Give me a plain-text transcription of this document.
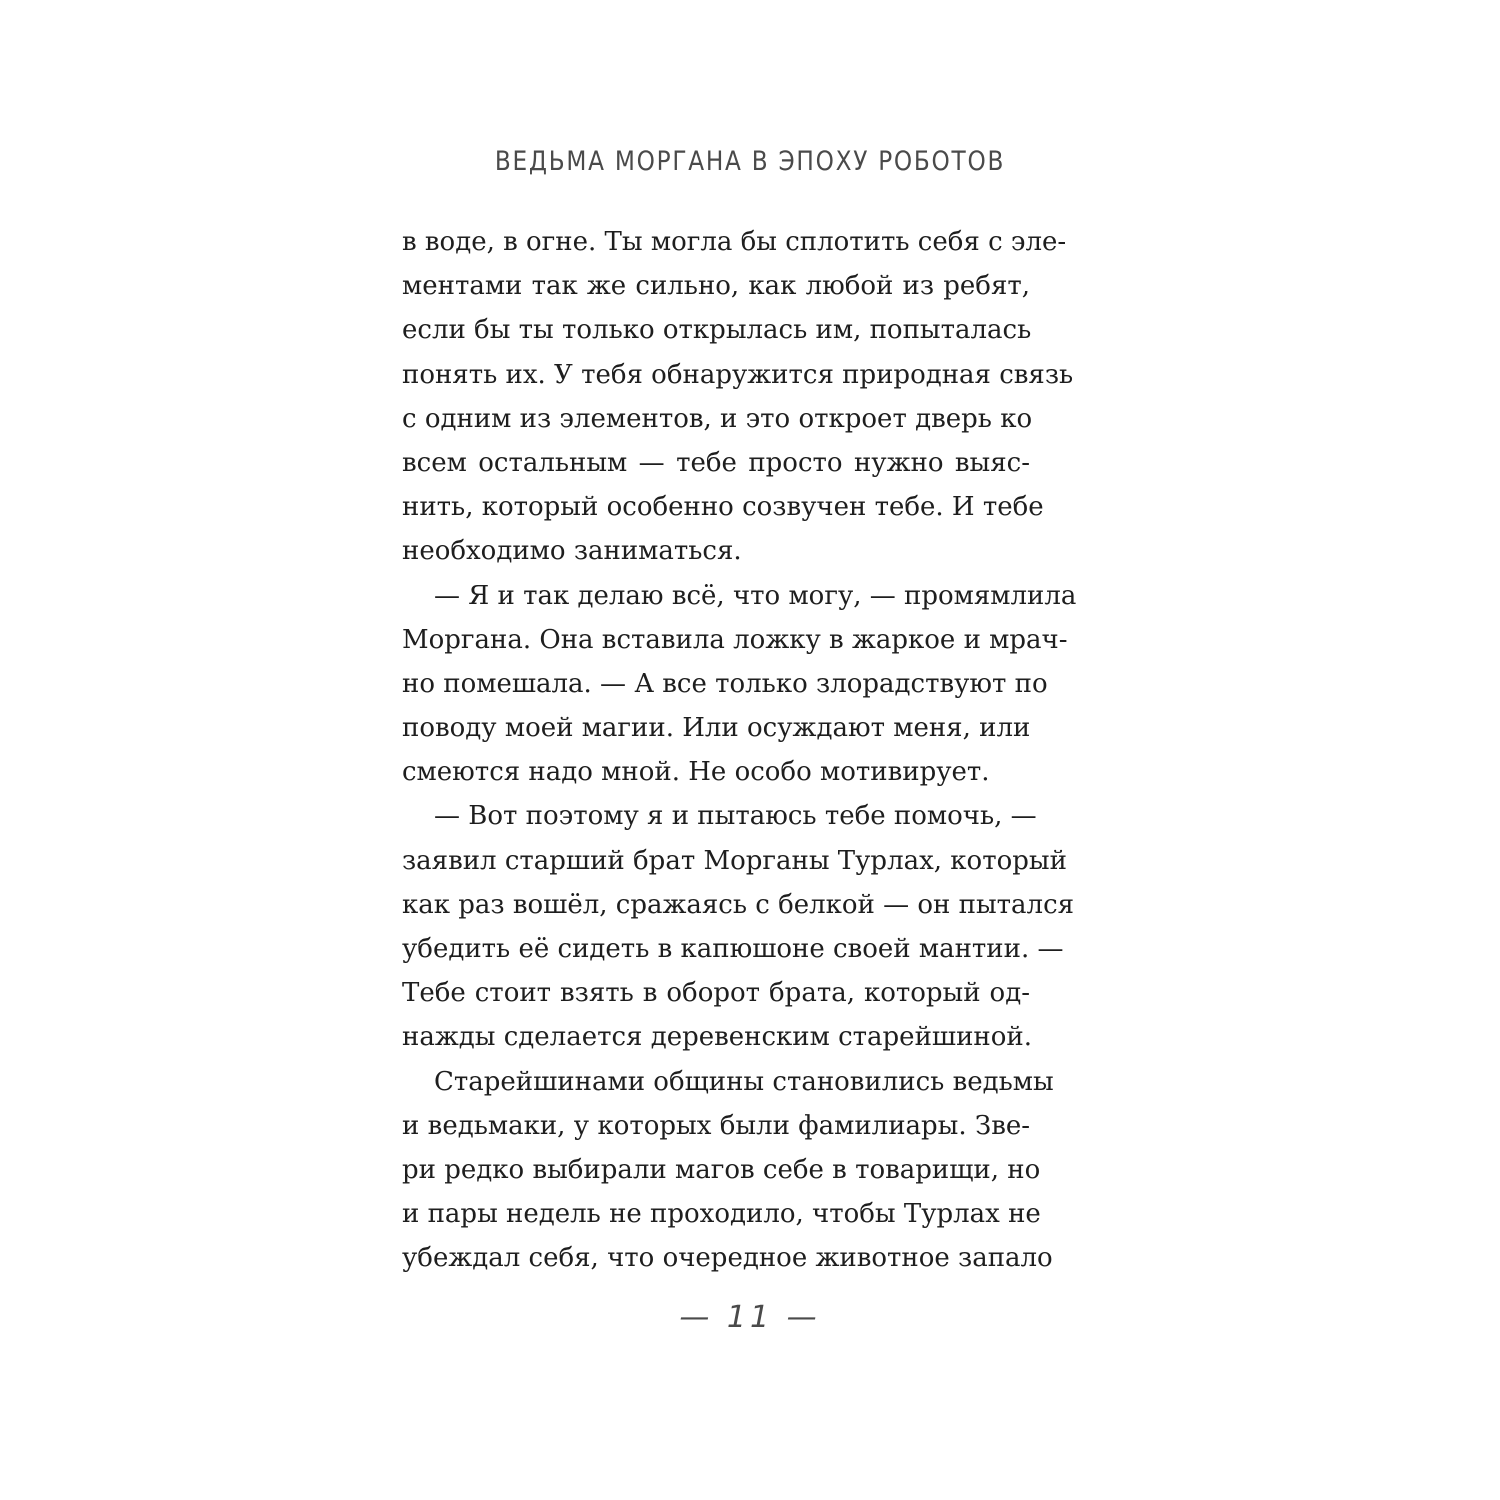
ВЕДЬМА МОРГАНА В ЭПОХУ РОБОТОВ
в воде, в огне. Ты могла бы сплотить себя с эле-
ментами так же сильно, как любой из ребят,
если бы ты только открылась им, попыталась
понять их. У тебя обнаружится природная связь
с одним из элементов, и это откроет дверь ко
всем остальным — тебе просто нужно выяс-
нить, который особенно созвучен тебе. И тебе
необходимо заниматься.
— Я и так делаю всё, что могу, — промямлила
Моргана. Она вставила ложку в жаркое и мрач-
но помешала. — А все только злорадствуют по
поводу моей магии. Или осуждают меня, или
смеются надо мной. Не особо мотивирует.
— Вот поэтому я и пытаюсь тебе помочь, —
заявил старший брат Морганы Турлах, который
как раз вошёл, сражаясь с белкой — он пытался
убедить её сидеть в капюшоне своей мантии. —
Тебе стоит взять в оборот брата, который од-
нажды сделается деревенским старейшиной.
Старейшинами общины становились ведьмы
и ведьмаки, у которых были фамилиары. Зве-
ри редко выбирали магов себе в товарищи, но
и пары недель не проходило, чтобы Турлах не
убеждал себя, что очередное животное запало
— 11 —
